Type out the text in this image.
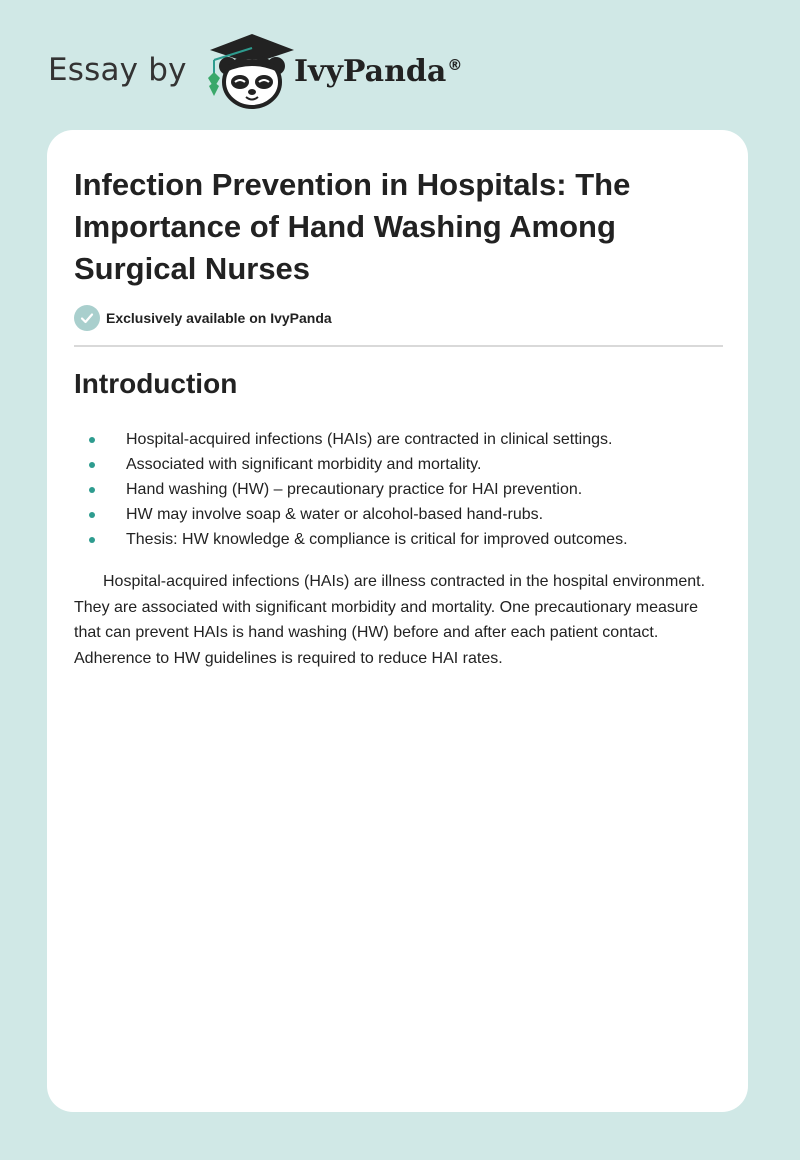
Essay by	IvyPanda®
Infection Prevention in Hospitals: The Importance of Hand Washing Among Surgical Nurses
Exclusively available on IvyPanda
Introduction
Hospital-acquired infections (HAIs) are contracted in clinical settings.
Associated with significant morbidity and mortality.
Hand washing (HW) – precautionary practice for HAI prevention.
HW may involve soap & water or alcohol-based hand-rubs.
Thesis: HW knowledge & compliance is critical for improved outcomes.

Hospital-acquired infections (HAIs) are illness contracted in the hospital environment. They are associated with significant morbidity and mortality. One precautionary measure that can prevent HAIs is hand washing (HW) before and after each patient contact. Adherence to HW guidelines is required to reduce HAI rates.
